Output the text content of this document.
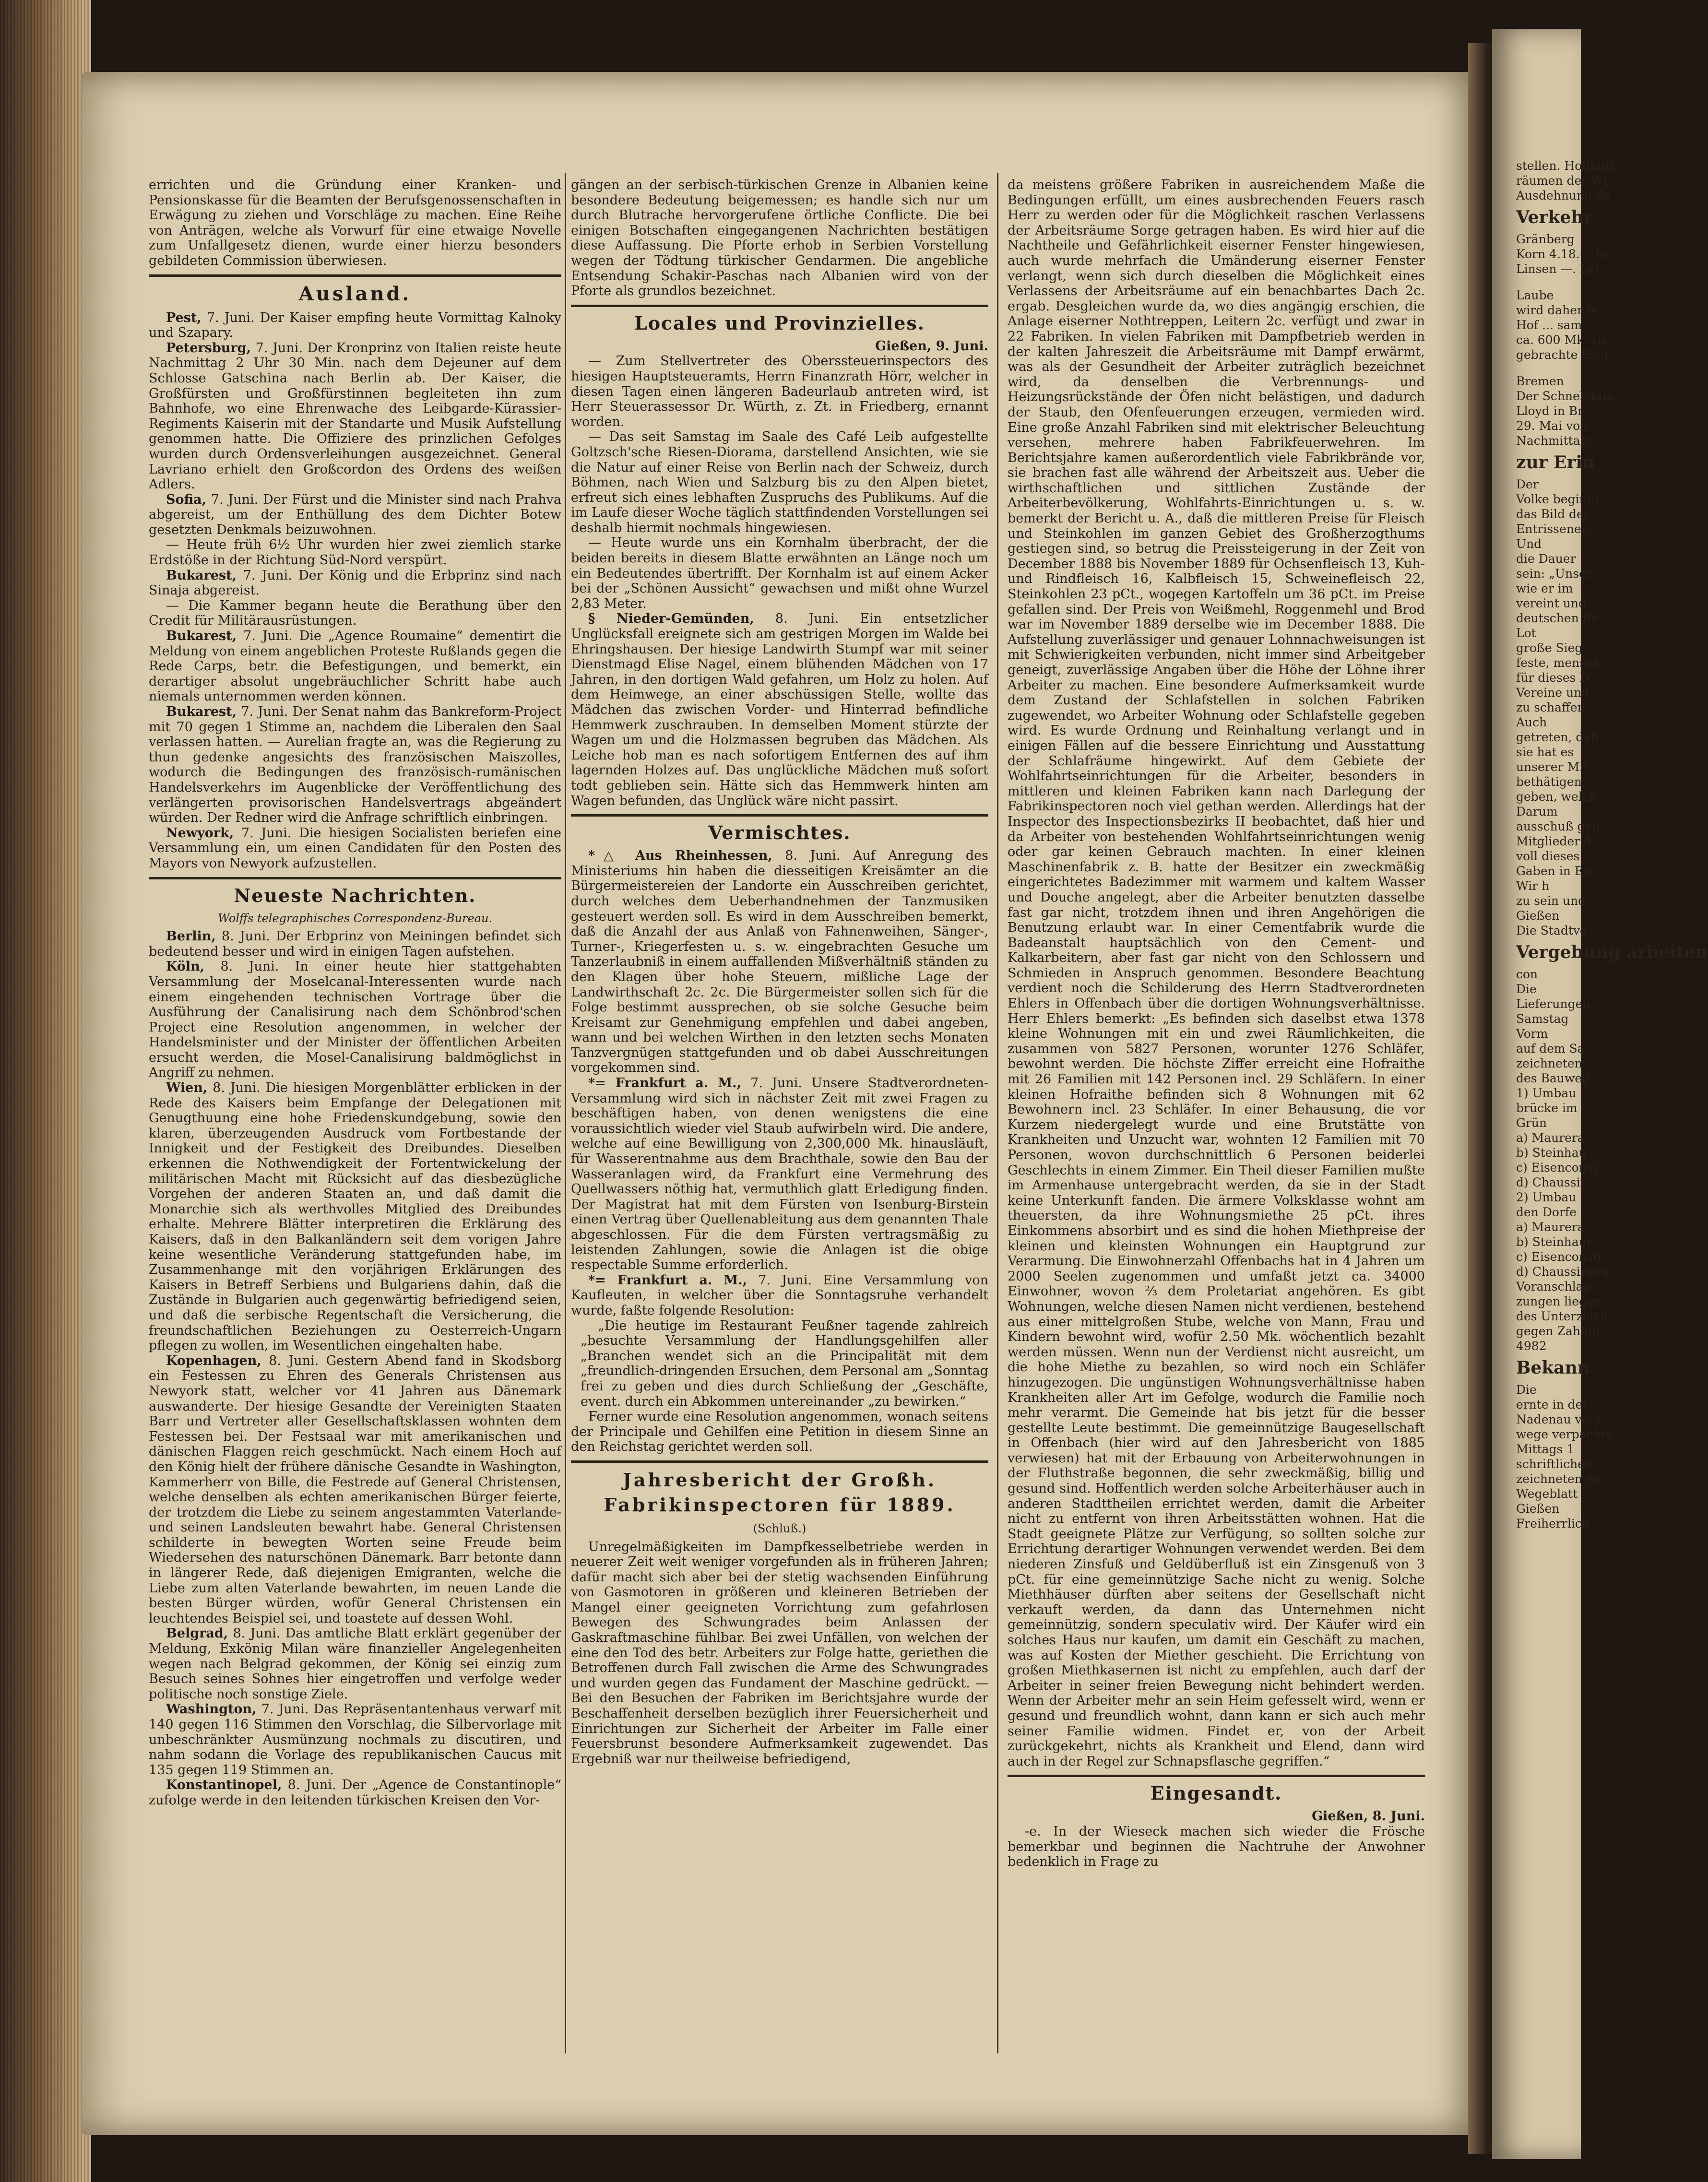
errichten und die Gründung einer Kranken- und Pensionskasse für die Beamten der Berufsgenossenschaften in Erwägung zu ziehen und Vorschläge zu machen. Eine Reihe von Anträgen, welche als Vorwurf für eine etwaige Novelle zum Unfallgesetz dienen, wurde einer hierzu besonders gebildeten Commission überwiesen.

Ausland.

Pest, 7. Juni. Der Kaiser empfing heute Vormittag Kalnoky und Szapary.

Petersburg, 7. Juni. Der Kronprinz von Italien reiste heute Nachmittag 2 Uhr 30 Min. nach dem Dejeuner auf dem Schlosse Gatschina nach Berlin ab. Der Kaiser, die Großfürsten und Großfürstinnen begleiteten ihn zum Bahnhofe, wo eine Ehrenwache des Leibgarde-Kürassier-Regiments Kaiserin mit der Standarte und Musik Aufstellung genommen hatte. Die Offiziere des prinzlichen Gefolges wurden durch Ordensverleihungen ausgezeichnet. General Lavriano erhielt den Großcordon des Ordens des weißen Adlers.

Sofia, 7. Juni. Der Fürst und die Minister sind nach Prahva abgereist, um der Enthüllung des dem Dichter Botew gesetzten Denkmals beizuwohnen.

— Heute früh 6½ Uhr wurden hier zwei ziemlich starke Erdstöße in der Richtung Süd-Nord verspürt.

Bukarest, 7. Juni. Der König und die Erbprinz sind nach Sinaja abgereist.

— Die Kammer begann heute die Berathung über den Credit für Militärausrüstungen.

Bukarest, 7. Juni. Die „Agence Roumaine“ dementirt die Meldung von einem angeblichen Proteste Rußlands gegen die Rede Carps, betr. die Befestigungen, und bemerkt, ein derartiger absolut ungebräuchlicher Schritt habe auch niemals unternommen werden können.

Bukarest, 7. Juni. Der Senat nahm das Bankreform-Project mit 70 gegen 1 Stimme an, nachdem die Liberalen den Saal verlassen hatten. — Aurelian fragte an, was die Regierung zu thun gedenke angesichts des französischen Maiszolles, wodurch die Bedingungen des französisch-rumänischen Handelsverkehrs im Augenblicke der Veröffentlichung des verlängerten provisorischen Handelsvertrags abgeändert würden. Der Redner wird die Anfrage schriftlich einbringen.

Newyork, 7. Juni. Die hiesigen Socialisten beriefen eine Versammlung ein, um einen Candidaten für den Posten des Mayors von Newyork aufzustellen.

Neueste Nachrichten.
Wolffs telegraphisches Correspondenz-Bureau.

Berlin, 8. Juni. Der Erbprinz von Meiningen befindet sich bedeutend besser und wird in einigen Tagen aufstehen.

Köln, 8. Juni. In einer heute hier stattgehabten Versammlung der Moselcanal-Interessenten wurde nach einem eingehenden technischen Vortrage über die Ausführung der Canalisirung nach dem Schönbrod'schen Project eine Resolution angenommen, in welcher der Handelsminister und der Minister der öffentlichen Arbeiten ersucht werden, die Mosel-Canalisirung baldmöglichst in Angriff zu nehmen.

Wien, 8. Juni. Die hiesigen Morgenblätter erblicken in der Rede des Kaisers beim Empfange der Delegationen mit Genugthuung eine hohe Friedenskundgebung, sowie den klaren, überzeugenden Ausdruck vom Fortbestande der Innigkeit und der Festigkeit des Dreibundes. Dieselben erkennen die Nothwendigkeit der Fortentwickelung der militärischen Macht mit Rücksicht auf das diesbezügliche Vorgehen der anderen Staaten an, und daß damit die Monarchie sich als werthvolles Mitglied des Dreibundes erhalte. Mehrere Blätter interpretiren die Erklärung des Kaisers, daß in den Balkanländern seit dem vorigen Jahre keine wesentliche Veränderung stattgefunden habe, im Zusammenhange mit den vorjährigen Erklärungen des Kaisers in Betreff Serbiens und Bulgariens dahin, daß die Zustände in Bulgarien auch gegenwärtig befriedigend seien, und daß die serbische Regentschaft die Versicherung, die freundschaftlichen Beziehungen zu Oesterreich-Ungarn pflegen zu wollen, im Wesentlichen eingehalten habe.

Kopenhagen, 8. Juni. Gestern Abend fand in Skodsborg ein Festessen zu Ehren des Generals Christensen aus Newyork statt, welcher vor 41 Jahren aus Dänemark auswanderte. Der hiesige Gesandte der Vereinigten Staaten Barr und Vertreter aller Gesellschaftsklassen wohnten dem Festessen bei. Der Festsaal war mit amerikanischen und dänischen Flaggen reich geschmückt. Nach einem Hoch auf den König hielt der frühere dänische Gesandte in Washington, Kammerherr von Bille, die Festrede auf General Christensen, welche denselben als echten amerikanischen Bürger feierte, der trotzdem die Liebe zu seinem angestammten Vaterlande-und seinen Landsleuten bewahrt habe. General Christensen schilderte in bewegten Worten seine Freude beim Wiedersehen des naturschönen Dänemark. Barr betonte dann in längerer Rede, daß diejenigen Emigranten, welche die Liebe zum alten Vaterlande bewahrten, im neuen Lande die besten Bürger würden, wofür General Christensen ein leuchtendes Beispiel sei, und toastete auf dessen Wohl.

Belgrad, 8. Juni. Das amtliche Blatt erklärt gegenüber der Meldung, Exkönig Milan wäre finanzieller Angelegenheiten wegen nach Belgrad gekommen, der König sei einzig zum Besuch seines Sohnes hier eingetroffen und verfolge weder politische noch sonstige Ziele.

Washington, 7. Juni. Das Repräsentantenhaus verwarf mit 140 gegen 116 Stimmen den Vorschlag, die Silbervorlage mit unbeschränkter Ausmünzung nochmals zu discutiren, und nahm sodann die Vorlage des republikanischen Caucus mit 135 gegen 119 Stimmen an.

Konstantinopel, 8. Juni. Der „Agence de Constantinople“ zufolge werde in den leitenden türkischen Kreisen den Vor-

gängen an der serbisch-türkischen Grenze in Albanien keine besondere Bedeutung beigemessen; es handle sich nur um durch Blutrache hervorgerufene örtliche Conflicte. Die bei einigen Botschaften eingegangenen Nachrichten bestätigen diese Auffassung. Die Pforte erhob in Serbien Vorstellung wegen der Tödtung türkischer Gendarmen. Die angebliche Entsendung Schakir-Paschas nach Albanien wird von der Pforte als grundlos bezeichnet.

Locales und Provinzielles.
Gießen, 9. Juni.

— Zum Stellvertreter des Oberssteuerinspectors des hiesigen Hauptsteueramts, Herrn Finanzrath Hörr, welcher in diesen Tagen einen längeren Badeurlaub antreten wird, ist Herr Steuerassessor Dr. Würth, z. Zt. in Friedberg, ernannt worden.

— Das seit Samstag im Saale des Café Leib aufgestellte Goltzsch'sche Riesen-Diorama, darstellend Ansichten, wie sie die Natur auf einer Reise von Berlin nach der Schweiz, durch Böhmen, nach Wien und Salzburg bis zu den Alpen bietet, erfreut sich eines lebhaften Zuspruchs des Publikums. Auf die im Laufe dieser Woche täglich stattfindenden Vorstellungen sei deshalb hiermit nochmals hingewiesen.

— Heute wurde uns ein Kornhalm überbracht, der die beiden bereits in diesem Blatte erwähnten an Länge noch um ein Bedeutendes übertrifft. Der Kornhalm ist auf einem Acker bei der „Schönen Aussicht“ gewachsen und mißt ohne Wurzel 2,83 Meter.

§ Nieder-Gemünden, 8. Juni. Ein entsetzlicher Unglücksfall ereignete sich am gestrigen Morgen im Walde bei Ehringshausen. Der hiesige Landwirth Stumpf war mit seiner Dienstmagd Elise Nagel, einem blühenden Mädchen von 17 Jahren, in den dortigen Wald gefahren, um Holz zu holen. Auf dem Heimwege, an einer abschüssigen Stelle, wollte das Mädchen das zwischen Vorder- und Hinterrad befindliche Hemmwerk zuschrauben. In demselben Moment stürzte der Wagen um und die Holzmassen begruben das Mädchen. Als Leiche hob man es nach sofortigem Entfernen des auf ihm lagernden Holzes auf. Das unglückliche Mädchen muß sofort todt geblieben sein. Hätte sich das Hemmwerk hinten am Wagen befunden, das Unglück wäre nicht passirt.

Vermischtes.

*△ Aus Rheinhessen, 8. Juni. Auf Anregung des Ministeriums hin haben die diesseitigen Kreisämter an die Bürgermeistereien der Landorte ein Ausschreiben gerichtet, durch welches dem Ueberhandnehmen der Tanzmusiken gesteuert werden soll. Es wird in dem Ausschreiben bemerkt, daß die Anzahl der aus Anlaß von Fahnenweihen, Sänger-, Turner-, Kriegerfesten u. s. w. eingebrachten Gesuche um Tanzerlaubniß in einem auffallenden Mißverhältniß ständen zu den Klagen über hohe Steuern, mißliche Lage der Landwirthschaft 2c. 2c. Die Bürgermeister sollen sich für die Folge bestimmt aussprechen, ob sie solche Gesuche beim Kreisamt zur Genehmigung empfehlen und dabei angeben, wann und bei welchen Wirthen in den letzten sechs Monaten Tanzvergnügen stattgefunden und ob dabei Ausschreitungen vorgekommen sind.

*= Frankfurt a. M., 7. Juni. Unsere Stadtverordneten-Versammlung wird sich in nächster Zeit mit zwei Fragen zu beschäftigen haben, von denen wenigstens die eine voraussichtlich wieder viel Staub aufwirbeln wird. Die andere, welche auf eine Bewilligung von 2,300,000 Mk. hinausläuft, für Wasserentnahme aus dem Brachthale, sowie den Bau der Wasseranlagen wird, da Frankfurt eine Vermehrung des Quellwassers nöthig hat, vermuthlich glatt Erledigung finden. Der Magistrat hat mit dem Fürsten von Isenburg-Birstein einen Vertrag über Quellenableitung aus dem genannten Thale abgeschlossen. Für die dem Fürsten vertragsmäßig zu leistenden Zahlungen, sowie die Anlagen ist die obige respectable Summe erforderlich.

*= Frankfurt a. M., 7. Juni. Eine Versammlung von Kaufleuten, in welcher über die Sonntagsruhe verhandelt wurde, faßte folgende Resolution:

„Die heutige im Restaurant Feußner tagende zahlreich „besuchte Versammlung der Handlungsgehilfen aller „Branchen wendet sich an die Principalität mit dem „freundlich-dringenden Ersuchen, dem Personal am „Sonntag frei zu geben und dies durch Schließung der „Geschäfte, event. durch ein Abkommen untereinander „zu bewirken.“

Ferner wurde eine Resolution angenommen, wonach seitens der Principale und Gehilfen eine Petition in diesem Sinne an den Reichstag gerichtet werden soll.

Jahresbericht der Großh. Fabrikinspectoren für 1889.
(Schluß.)

Unregelmäßigkeiten im Dampfkesselbetriebe werden in neuerer Zeit weit weniger vorgefunden als in früheren Jahren; dafür macht sich aber bei der stetig wachsenden Einführung von Gasmotoren in größeren und kleineren Betrieben der Mangel einer geeigneten Vorrichtung zum gefahrlosen Bewegen des Schwungrades beim Anlassen der Gaskraftmaschine fühlbar. Bei zwei Unfällen, von welchen der eine den Tod des betr. Arbeiters zur Folge hatte, geriethen die Betroffenen durch Fall zwischen die Arme des Schwungrades und wurden gegen das Fundament der Maschine gedrückt. — Bei den Besuchen der Fabriken im Berichtsjahre wurde der Beschaffenheit derselben bezüglich ihrer Feuersicherheit und Einrichtungen zur Sicherheit der Arbeiter im Falle einer Feuersbrunst besondere Aufmerksamkeit zugewendet. Das Ergebniß war nur theilweise befriedigend,

da meistens größere Fabriken in ausreichendem Maße die Bedingungen erfüllt, um eines ausbrechenden Feuers rasch Herr zu werden oder für die Möglichkeit raschen Verlassens der Arbeitsräume Sorge getragen haben. Es wird hier auf die Nachtheile und Gefährlichkeit eiserner Fenster hingewiesen, auch wurde mehrfach die Umänderung eiserner Fenster verlangt, wenn sich durch dieselben die Möglichkeit eines Verlassens der Arbeitsräume auf ein benachbartes Dach 2c. ergab. Desgleichen wurde da, wo dies angängig erschien, die Anlage eiserner Nothtreppen, Leitern 2c. verfügt und zwar in 22 Fabriken. In vielen Fabriken mit Dampfbetrieb werden in der kalten Jahreszeit die Arbeitsräume mit Dampf erwärmt, was als der Gesundheit der Arbeiter zuträglich bezeichnet wird, da denselben die Verbrennungs- und Heizungsrückstände der Öfen nicht belästigen, und dadurch der Staub, den Ofenfeuerungen erzeugen, vermieden wird. Eine große Anzahl Fabriken sind mit elektrischer Beleuchtung versehen, mehrere haben Fabrikfeuerwehren. Im Berichtsjahre kamen außerordentlich viele Fabrikbrände vor, sie brachen fast alle während der Arbeitszeit aus. Ueber die wirthschaftlichen und sittlichen Zustände der Arbeiterbevölkerung, Wohlfahrts-Einrichtungen u. s. w. bemerkt der Bericht u. A., daß die mittleren Preise für Fleisch und Steinkohlen im ganzen Gebiet des Großherzogthums gestiegen sind, so betrug die Preissteigerung in der Zeit von December 1888 bis November 1889 für Ochsenfleisch 13, Kuh- und Rindfleisch 16, Kalbfleisch 15, Schweinefleisch 22, Steinkohlen 23 pCt., wogegen Kartoffeln um 36 pCt. im Preise gefallen sind. Der Preis von Weißmehl, Roggenmehl und Brod war im November 1889 derselbe wie im December 1888. Die Aufstellung zuverlässiger und genauer Lohnnachweisungen ist mit Schwierigkeiten verbunden, nicht immer sind Arbeitgeber geneigt, zuverlässige Angaben über die Höhe der Löhne ihrer Arbeiter zu machen. Eine besondere Aufmerksamkeit wurde dem Zustand der Schlafstellen in solchen Fabriken zugewendet, wo Arbeiter Wohnung oder Schlafstelle gegeben wird. Es wurde Ordnung und Reinhaltung verlangt und in einigen Fällen auf die bessere Einrichtung und Ausstattung der Schlafräume hingewirkt. Auf dem Gebiete der Wohlfahrtseinrichtungen für die Arbeiter, besonders in mittleren und kleinen Fabriken kann nach Darlegung der Fabrikinspectoren noch viel gethan werden. Allerdings hat der Inspector des Inspectionsbezirks II beobachtet, daß hier und da Arbeiter von bestehenden Wohlfahrtseinrichtungen wenig oder gar keinen Gebrauch machten. In einer kleinen Maschinenfabrik z. B. hatte der Besitzer ein zweckmäßig eingerichtetes Badezimmer mit warmem und kaltem Wasser und Douche angelegt, aber die Arbeiter benutzten dasselbe fast gar nicht, trotzdem ihnen und ihren Angehörigen die Benutzung erlaubt war. In einer Cementfabrik wurde die Badeanstalt hauptsächlich von den Cement- und Kalkarbeitern, aber fast gar nicht von den Schlossern und Schmieden in Anspruch genommen. Besondere Beachtung verdient noch die Schilderung des Herrn Stadtverordneten Ehlers in Offenbach über die dortigen Wohnungsverhältnisse. Herr Ehlers bemerkt: „Es befinden sich daselbst etwa 1378 kleine Wohnungen mit ein und zwei Räumlichkeiten, die zusammen von 5827 Personen, worunter 1276 Schläfer, bewohnt werden. Die höchste Ziffer erreicht eine Hofraithe mit 26 Familien mit 142 Personen incl. 29 Schläfern. In einer kleinen Hofraithe befinden sich 8 Wohnungen mit 62 Bewohnern incl. 23 Schläfer. In einer Behausung, die vor Kurzem niedergelegt wurde und eine Brutstätte von Krankheiten und Unzucht war, wohnten 12 Familien mit 70 Personen, wovon durchschnittlich 6 Personen beiderlei Geschlechts in einem Zimmer. Ein Theil dieser Familien mußte im Armenhause untergebracht werden, da sie in der Stadt keine Unterkunft fanden. Die ärmere Volksklasse wohnt am theuersten, da ihre Wohnungsmiethe 25 pCt. ihres Einkommens absorbirt und es sind die hohen Miethpreise der kleinen und kleinsten Wohnungen ein Hauptgrund zur Verarmung. Die Einwohnerzahl Offenbachs hat in 4 Jahren um 2000 Seelen zugenommen und umfaßt jetzt ca. 34000 Einwohner, wovon ⅔ dem Proletariat angehören. Es gibt Wohnungen, welche diesen Namen nicht verdienen, bestehend aus einer mittelgroßen Stube, welche von Mann, Frau und Kindern bewohnt wird, wofür 2.50 Mk. wöchentlich bezahlt werden müssen. Wenn nun der Verdienst nicht ausreicht, um die hohe Miethe zu bezahlen, so wird noch ein Schläfer hinzugezogen. Die ungünstigen Wohnungsverhältnisse haben Krankheiten aller Art im Gefolge, wodurch die Familie noch mehr verarmt. Die Gemeinde hat bis jetzt für die besser gestellte Leute bestimmt. Die gemeinnützige Baugesellschaft in Offenbach (hier wird auf den Jahresbericht von 1885 verwiesen) hat mit der Erbauung von Arbeiterwohnungen in der Fluthstraße begonnen, die sehr zweckmäßig, billig und gesund sind. Hoffentlich werden solche Arbeiterhäuser auch in anderen Stadttheilen errichtet werden, damit die Arbeiter nicht zu entfernt von ihren Arbeitsstätten wohnen. Hat die Stadt geeignete Plätze zur Verfügung, so sollten solche zur Errichtung derartiger Wohnungen verwendet werden. Bei dem niederen Zinsfuß und Geldüberfluß ist ein Zinsgenuß von 3 pCt. für eine gemeinnützige Sache nicht zu wenig. Solche Miethhäuser dürften aber seitens der Gesellschaft nicht verkauft werden, da dann das Unternehmen nicht gemeinnützig, sondern speculativ wird. Der Käufer wird ein solches Haus nur kaufen, um damit ein Geschäft zu machen, was auf Kosten der Miether geschieht. Die Errichtung von großen Miethkasernen ist nicht zu empfehlen, auch darf der Arbeiter in seiner freien Bewegung nicht behindert werden. Wenn der Arbeiter mehr an sein Heim gefesselt wird, wenn er gesund und freundlich wohnt, dann kann er sich auch mehr seiner Familie widmen. Findet er, von der Arbeit zurückgekehrt, nichts als Krankheit und Elend, dann wird auch in der Regel zur Schnapsflasche gegriffen.“

Eingesandt.
Gießen, 8. Juni.

-e. In der Wieseck machen sich wieder die Frösche bemerkbar und beginnen die Nachtruhe der Anwohner bedenklich in Frage zu

stellen. Hoffentl
räumen der Wi
Ausdehnung de
Verkehr
Gränberg
Korn 4.18.— Le
Linsen —. Lei
Laube
wird daher fr
Hof ... sam
ca. 600 Mk. zu
gebrachte Sied
Bremen
Der Schnelldam
Lloyd in Br
29. Mai von
Nachmittags
zur Erin
Der
Volke beginnt
das Bild des
Entrissenen.
Und
die Dauer
sein: „Unser
wie er im
vereint und
deutschen Re
Lot
große Sieg
feste, mensch
für dieses D
Vereine und
zu schaffen,
Auch
getreten, daß
sie hat es
unserer Mit
bethätigen,
geben, welch
Darum
ausschuß geb
Mitglieder d
voll dieses
Gaben in Em
Wir h
zu sein und
Gießen
Die Stadtve
Vergebung arbeiten
con
Die
Lieferungen
Samstag
Vorm
auf dem Sa
zeichneten
des Bauweg
1) Umbau
brücke im
Grün
a) Maurera
b) Steinhau
c) Eisenconst
d) Chaussir
2) Umbau
den Dorfe
a) Maurera
b) Steinhaue
c) Eisenconstr
d) Chaussirung
Voranschlag
zungen liegen
des Unterzeich
gegen Zahlun
4982
Bekann
Die
ernte in der
Nadenau vers
wege verpachte
Mittags 1
schriftlichen
zeichneten ein
Wegeblatt
Gießen
Freiherrlich
